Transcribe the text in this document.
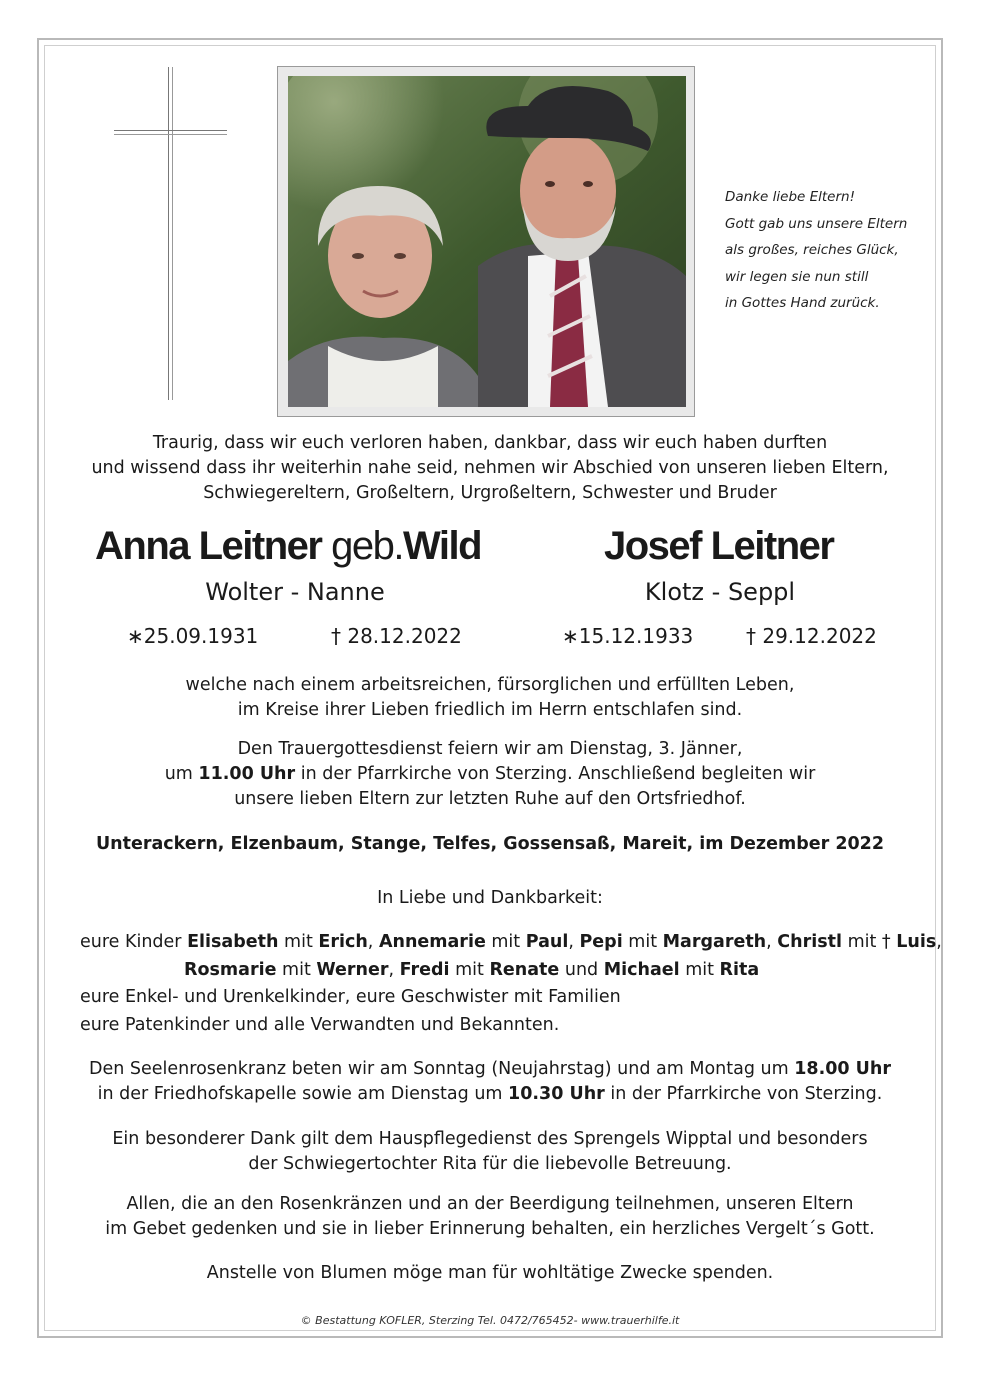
Danke liebe Eltern!
Gott gab uns unsere Eltern
als großes, reiches Glück,
wir legen sie nun still
in Gottes Hand zurück.
Traurig, dass wir euch verloren haben, dankbar, dass wir euch haben durften
und wissend dass ihr weiterhin nahe seid, nehmen wir Abschied von unseren lieben Eltern,
Schwiegereltern, Großeltern, Urgroßeltern, Schwester und Bruder
Anna Leitner geb.Wild
Wolter - Nanne
∗25.09.1931	† 28.12.2022
Josef Leitner
Klotz - Seppl
∗15.12.1933	† 29.12.2022
welche nach einem arbeitsreichen, fürsorglichen und erfüllten Leben,
im Kreise ihrer Lieben friedlich im Herrn entschlafen sind.
Den Trauergottesdienst feiern wir am Dienstag, 3. Jänner,
um 11.00 Uhr in der Pfarrkirche von Sterzing. Anschließend begleiten wir
unsere lieben Eltern zur letzten Ruhe auf den Ortsfriedhof.
Unterackern, Elzenbaum, Stange, Telfes, Gossensaß, Mareit, im Dezember 2022
In Liebe und Dankbarkeit:
eure Kinder Elisabeth mit Erich, Annemarie mit Paul, Pepi mit Margareth, Christl mit † Luis,
Rosmarie mit Werner, Fredi mit Renate und Michael mit Rita
eure Enkel- und Urenkelkinder, eure Geschwister mit Familien
eure Patenkinder und alle Verwandten und Bekannten.
Den Seelenrosenkranz beten wir am Sonntag (Neujahrstag) und am Montag um 18.00 Uhr
in der Friedhofskapelle sowie am Dienstag um 10.30 Uhr in der Pfarrkirche von Sterzing.
Ein besonderer Dank gilt dem Hauspflegedienst des Sprengels Wipptal und besonders
der Schwiegertochter Rita für die liebevolle Betreuung.
Allen, die an den Rosenkränzen und an der Beerdigung teilnehmen, unseren Eltern
im Gebet gedenken und sie in lieber Erinnerung behalten, ein herzliches Vergelt´s Gott.
Anstelle von Blumen möge man für wohltätige Zwecke spenden.
© Bestattung KOFLER, Sterzing Tel. 0472/765452- www.trauerhilfe.it
